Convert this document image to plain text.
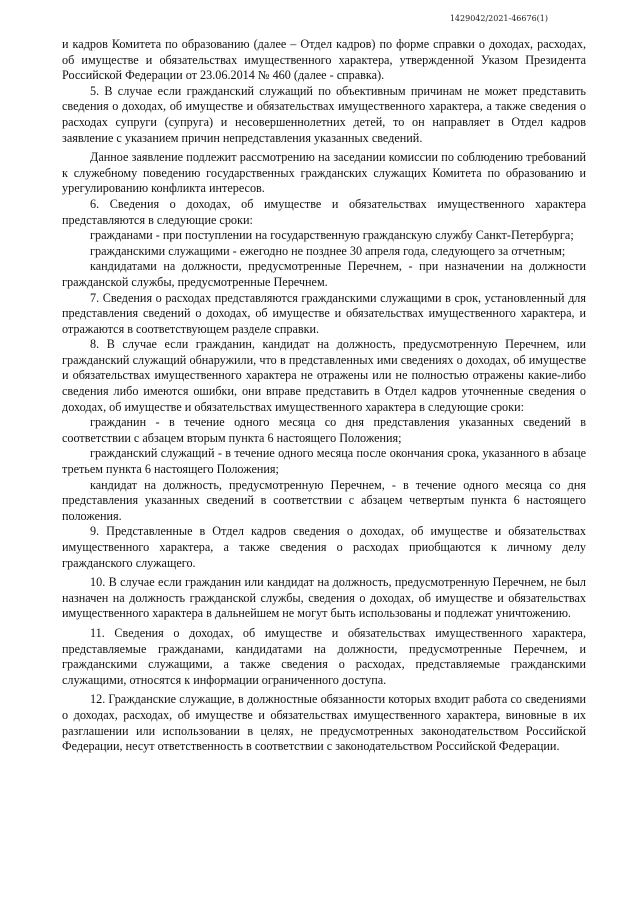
1429042/2021-46676(1)

и кадров Комитета по образованию (далее – Отдел кадров) по форме справки о доходах, расходах, об имуществе и обязательствах имущественного характера, утвержденной Указом Президента Российской Федерации от 23.06.2014 № 460 (далее - справка).

5. В случае если гражданский служащий по объективным причинам не может представить сведения о доходах, об имуществе и обязательствах имущественного характера, а также сведения о расходах супруги (супруга) и несовершеннолетних детей, то он направляет в Отдел кадров заявление с указанием причин непредставления указанных сведений.

Данное заявление подлежит рассмотрению на заседании комиссии по соблюдению требований к служебному поведению государственных гражданских служащих Комитета по образованию и урегулированию конфликта интересов.

6. Сведения о доходах, об имуществе и обязательствах имущественного характера представляются в следующие сроки:

гражданами - при поступлении на государственную гражданскую службу Санкт-Петербурга;

гражданскими служащими - ежегодно не позднее 30 апреля года, следующего за отчетным;

кандидатами на должности, предусмотренные Перечнем, - при назначении на должности гражданской службы, предусмотренные Перечнем.

7. Сведения о расходах представляются гражданскими служащими в срок, установленный для представления сведений о доходах, об имуществе и обязательствах имущественного характера, и отражаются в соответствующем разделе справки.

8. В случае если гражданин, кандидат на должность, предусмотренную Перечнем, или гражданский служащий обнаружили, что в представленных ими сведениях о доходах, об имуществе и обязательствах имущественного характера не отражены или не полностью отражены какие-либо сведения либо имеются ошибки, они вправе представить в Отдел кадров уточненные сведения о доходах, об имуществе и обязательствах имущественного характера в следующие сроки:

гражданин - в течение одного месяца со дня представления указанных сведений в соответствии с абзацем вторым пункта 6 настоящего Положения;

гражданский служащий - в течение одного месяца после окончания срока, указанного в абзаце третьем пункта 6 настоящего Положения;

кандидат на должность, предусмотренную Перечнем, - в течение одного месяца со дня представления указанных сведений в соответствии с абзацем четвертым пункта 6 настоящего положения.

9. Представленные в Отдел кадров сведения о доходах, об имуществе и обязательствах имущественного характера, а также сведения о расходах приобщаются к личному делу гражданского служащего.

10. В случае если гражданин или кандидат на должность, предусмотренную Перечнем, не был назначен на должность гражданской службы, сведения о доходах, об имуществе и обязательствах имущественного характера в дальнейшем не могут быть использованы и подлежат уничтожению.

11. Сведения о доходах, об имуществе и обязательствах имущественного характера, представляемые гражданами, кандидатами на должности, предусмотренные Перечнем, и гражданскими служащими, а также сведения о расходах, представляемые гражданскими служащими, относятся к информации ограниченного доступа.

12. Гражданские служащие, в должностные обязанности которых входит работа со сведениями о доходах, расходах, об имуществе и обязательствах имущественного характера, виновные в их разглашении или использовании в целях, не предусмотренных законодательством Российской Федерации, несут ответственность в соответствии с законодательством Российской Федерации.
